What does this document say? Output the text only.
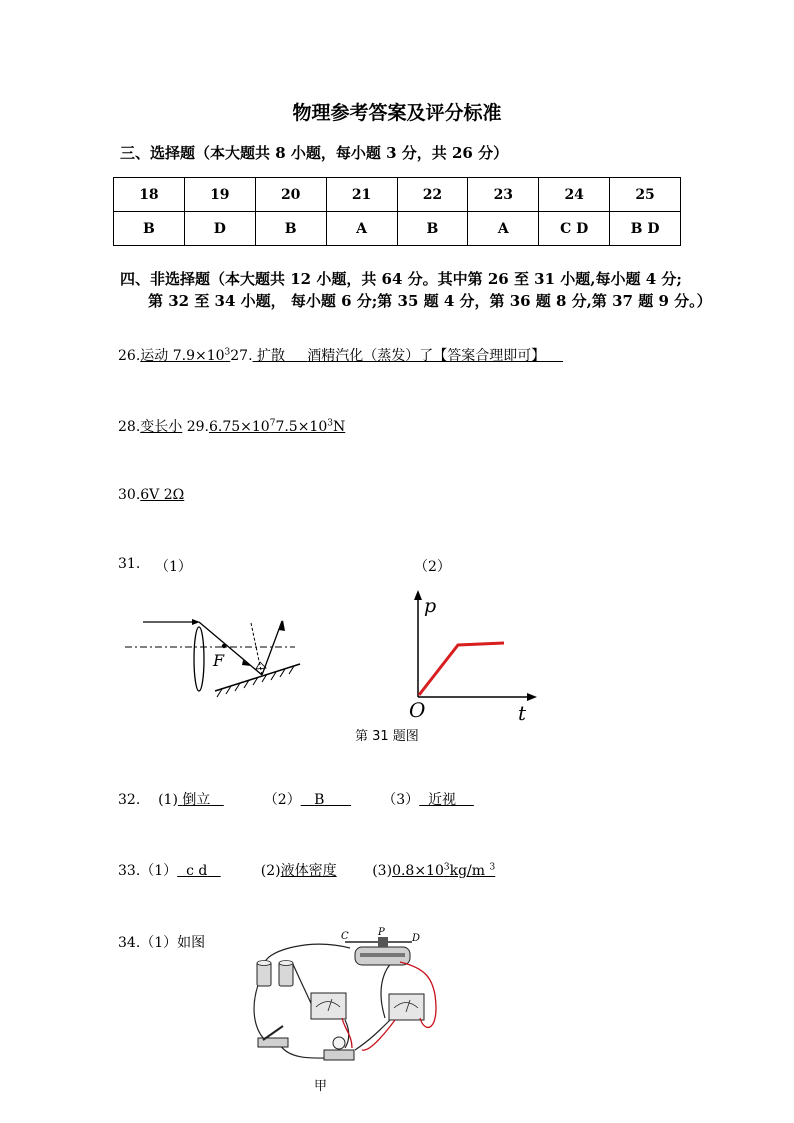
物理参考答案及评分标准
三、选择题（本大题共 8 小题，每小题 3 分，共 26 分）
18	19	20	21	22	23	24	25
B	D	B	A	B	A	C D	B D
四、非选择题（本大题共 12 小题，共 64 分。其中第 26 至 31 小题,每小题 4 分;
第 32 至 34 小题， 每小题 6 分;第 35 题 4 分，第 36 题 8 分,第 37 题 9 分。）
26.运动 $7.9\times 10^327$. 扩散 酒精汽化（蒸发）了【答案合理即可】
28.变长小 $29.6.75\times 10^77.5\times 10^3N$
30.6V 2Ω
31. （1）	（2）
F
p
t
O
第 31 题图
32. (1) 倒立	（2） B	（3） 近视
33.（1） c d	(2)液体密度	$(3)0.8\times 10^3kg/m$ $^3$
34.（1）如图	C	P
D
甲
